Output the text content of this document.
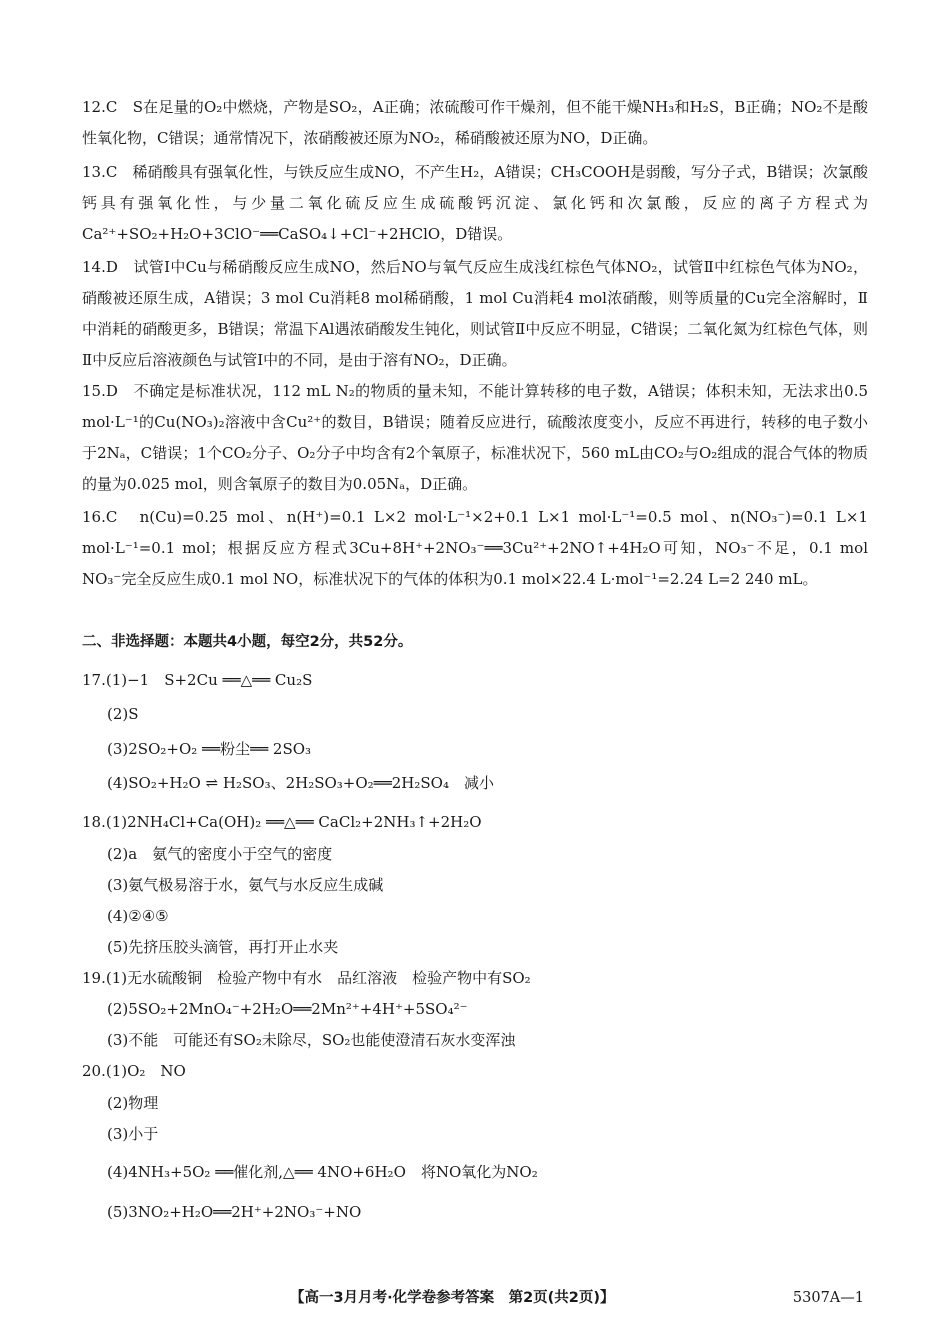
12.C　S在足量的O₂中燃烧，产物是SO₂，A正确；浓硫酸可作干燥剂，但不能干燥NH₃和H₂S，B正确；NO₂不是酸性氧化物，C错误；通常情况下，浓硝酸被还原为NO₂，稀硝酸被还原为NO，D正确。

13.C　稀硝酸具有强氧化性，与铁反应生成NO，不产生H₂，A错误；CH₃COOH是弱酸，写分子式，B错误；次氯酸钙具有强氧化性，与少量二氧化硫反应生成硫酸钙沉淀、氯化钙和次氯酸，反应的离子方程式为Ca²⁺+SO₂+H₂O+3ClO⁻══CaSO₄↓+Cl⁻+2HClO，D错误。

14.D　试管Ⅰ中Cu与稀硝酸反应生成NO，然后NO与氧气反应生成浅红棕色气体NO₂，试管Ⅱ中红棕色气体为NO₂，硝酸被还原生成，A错误；3 mol Cu消耗8 mol稀硝酸，1 mol Cu消耗4 mol浓硝酸，则等质量的Cu完全溶解时，Ⅱ中消耗的硝酸更多，B错误；常温下Al遇浓硝酸发生钝化，则试管Ⅱ中反应不明显，C错误；二氧化氮为红棕色气体，则Ⅱ中反应后溶液颜色与试管Ⅰ中的不同，是由于溶有NO₂，D正确。

15.D　不确定是标准状况，112 mL N₂的物质的量未知，不能计算转移的电子数，A错误；体积未知，无法求出0.5 mol·L⁻¹的Cu(NO₃)₂溶液中含Cu²⁺的数目，B错误；随着反应进行，硫酸浓度变小，反应不再进行，转移的电子数小于2Nₐ，C错误；1个CO₂分子、O₂分子中均含有2个氧原子，标准状况下，560 mL由CO₂与O₂组成的混合气体的物质的量为0.025 mol，则含氧原子的数目为0.05Nₐ，D正确。

16.C　n(Cu)=0.25 mol、n(H⁺)=0.1 L×2 mol·L⁻¹×2+0.1 L×1 mol·L⁻¹=0.5 mol、n(NO₃⁻)=0.1 L×1 mol·L⁻¹=0.1 mol；根据反应方程式3Cu+8H⁺+2NO₃⁻══3Cu²⁺+2NO↑+4H₂O可知，NO₃⁻不足，0.1 mol NO₃⁻完全反应生成0.1 mol NO，标准状况下的气体的体积为0.1 mol×22.4 L·mol⁻¹=2.24 L=2 240 mL。

二、非选择题：本题共4小题，每空2分，共52分。

17.(1)−1　S+2Cu ══△══ Cu₂S

(2)S

(3)2SO₂+O₂ ══粉尘══ 2SO₃

(4)SO₂+H₂O ⇌ H₂SO₃、2H₂SO₃+O₂══2H₂SO₄　减小

18.(1)2NH₄Cl+Ca(OH)₂ ══△══ CaCl₂+2NH₃↑+2H₂O

(2)a　氨气的密度小于空气的密度

(3)氨气极易溶于水，氨气与水反应生成碱

(4)②④⑤

(5)先挤压胶头滴管，再打开止水夹

19.(1)无水硫酸铜　检验产物中有水　品红溶液　检验产物中有SO₂

(2)5SO₂+2MnO₄⁻+2H₂O══2Mn²⁺+4H⁺+5SO₄²⁻

(3)不能　可能还有SO₂未除尽，SO₂也能使澄清石灰水变浑浊

20.(1)O₂　NO

(2)物理

(3)小于

(4)4NH₃+5O₂ ══催化剂,△══ 4NO+6H₂O　将NO氧化为NO₂

(5)3NO₂+H₂O══2H⁺+2NO₃⁻+NO

【高一3月月考·化学卷参考答案　第2页(共2页)】	5307A—1
